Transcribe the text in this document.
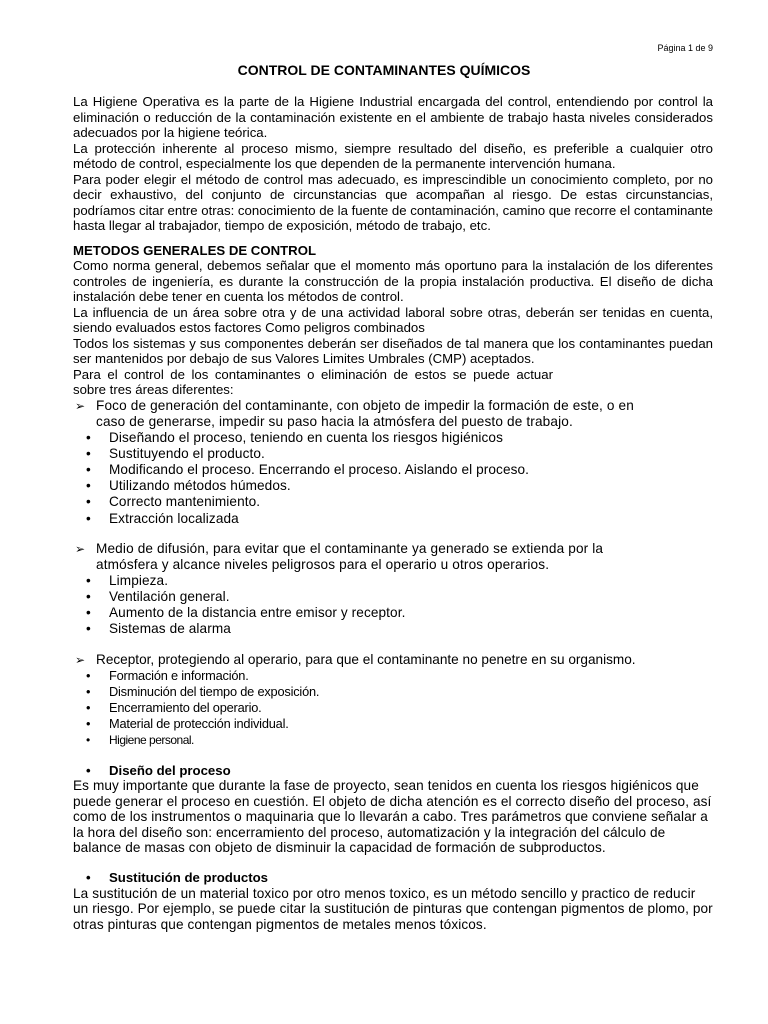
Página 1 de 9
CONTROL DE CONTAMINANTES QUÍMICOS

La Higiene Operativa es la parte de la Higiene Industrial encargada del control, entendiendo por control la eliminación o reducción de la contaminación existente en el ambiente de trabajo hasta niveles considerados adecuados por la higiene teórica.

La protección inherente al proceso mismo, siempre resultado del diseño, es preferible a cualquier otro método de control, especialmente los que dependen de la permanente intervención humana.

Para poder elegir el método de control mas adecuado, es imprescindible un conocimiento completo, por no decir exhaustivo, del conjunto de circunstancias que acompañan al riesgo. De estas circunstancias, podríamos citar entre otras: conocimiento de la fuente de contaminación, camino que recorre el contaminante hasta llegar al trabajador, tiempo de exposición, método de trabajo, etc.

METODOS GENERALES DE CONTROL

Como norma general, debemos señalar que el momento más oportuno para la instalación de los diferentes controles de ingeniería, es durante la construcción de la propia instalación productiva. El diseño de dicha instalación debe tener en cuenta los métodos de control.

La influencia de un área sobre otra y de una actividad laboral sobre otras, deberán ser tenidas en cuenta, siendo evaluados estos factores Como peligros combinados

Todos los sistemas y sus componentes deberán ser diseñados de tal manera que los contaminantes puedan ser mantenidos por debajo de sus Valores Limites Umbrales (CMP) aceptados.

Para el control de los contaminantes o eliminación de estos se puede actuar sobre tres áreas diferentes:

➢ Foco de generación del contaminante, con objeto de impedir la formación de este, o en

caso de generarse, impedir su paso hacia la atmósfera del puesto de trabajo.

• Diseñando el proceso, teniendo en cuenta los riesgos higiénicos
• Sustituyendo el producto.
• Modificando el proceso. Encerrando el proceso. Aislando el proceso.
• Utilizando métodos húmedos.
• Correcto mantenimiento.
• Extracción localizada

➢ Medio de difusión, para evitar que el contaminante ya generado se extienda por la

atmósfera y alcance niveles peligrosos para el operario u otros operarios.

• Limpieza.
• Ventilación general.
• Aumento de la distancia entre emisor y receptor.
• Sistemas de alarma

➢ Receptor, protegiendo al operario, para que el contaminante no penetre en su organismo.

• Formación e información.
• Disminución del tiempo de exposición.
• Encerramiento del operario.
• Material de protección individual.
• Higiene personal.

• Diseño del proceso

Es muy importante que durante la fase de proyecto, sean tenidos en cuenta los riesgos higiénicos que puede generar el proceso en cuestión. El objeto de dicha atención es el correcto diseño del proceso, así como de los instrumentos o maquinaria que lo llevarán a cabo. Tres parámetros que conviene señalar a la hora del diseño son: encerramiento del proceso, automatización y la integración del cálculo de balance de masas con objeto de disminuir la capacidad de formación de subproductos.

• Sustitución de productos

La sustitución de un material toxico por otro menos toxico, es un método sencillo y practico de reducir un riesgo. Por ejemplo, se puede citar la sustitución de pinturas que contengan pigmentos de plomo, por otras pinturas que contengan pigmentos de metales menos tóxicos.
